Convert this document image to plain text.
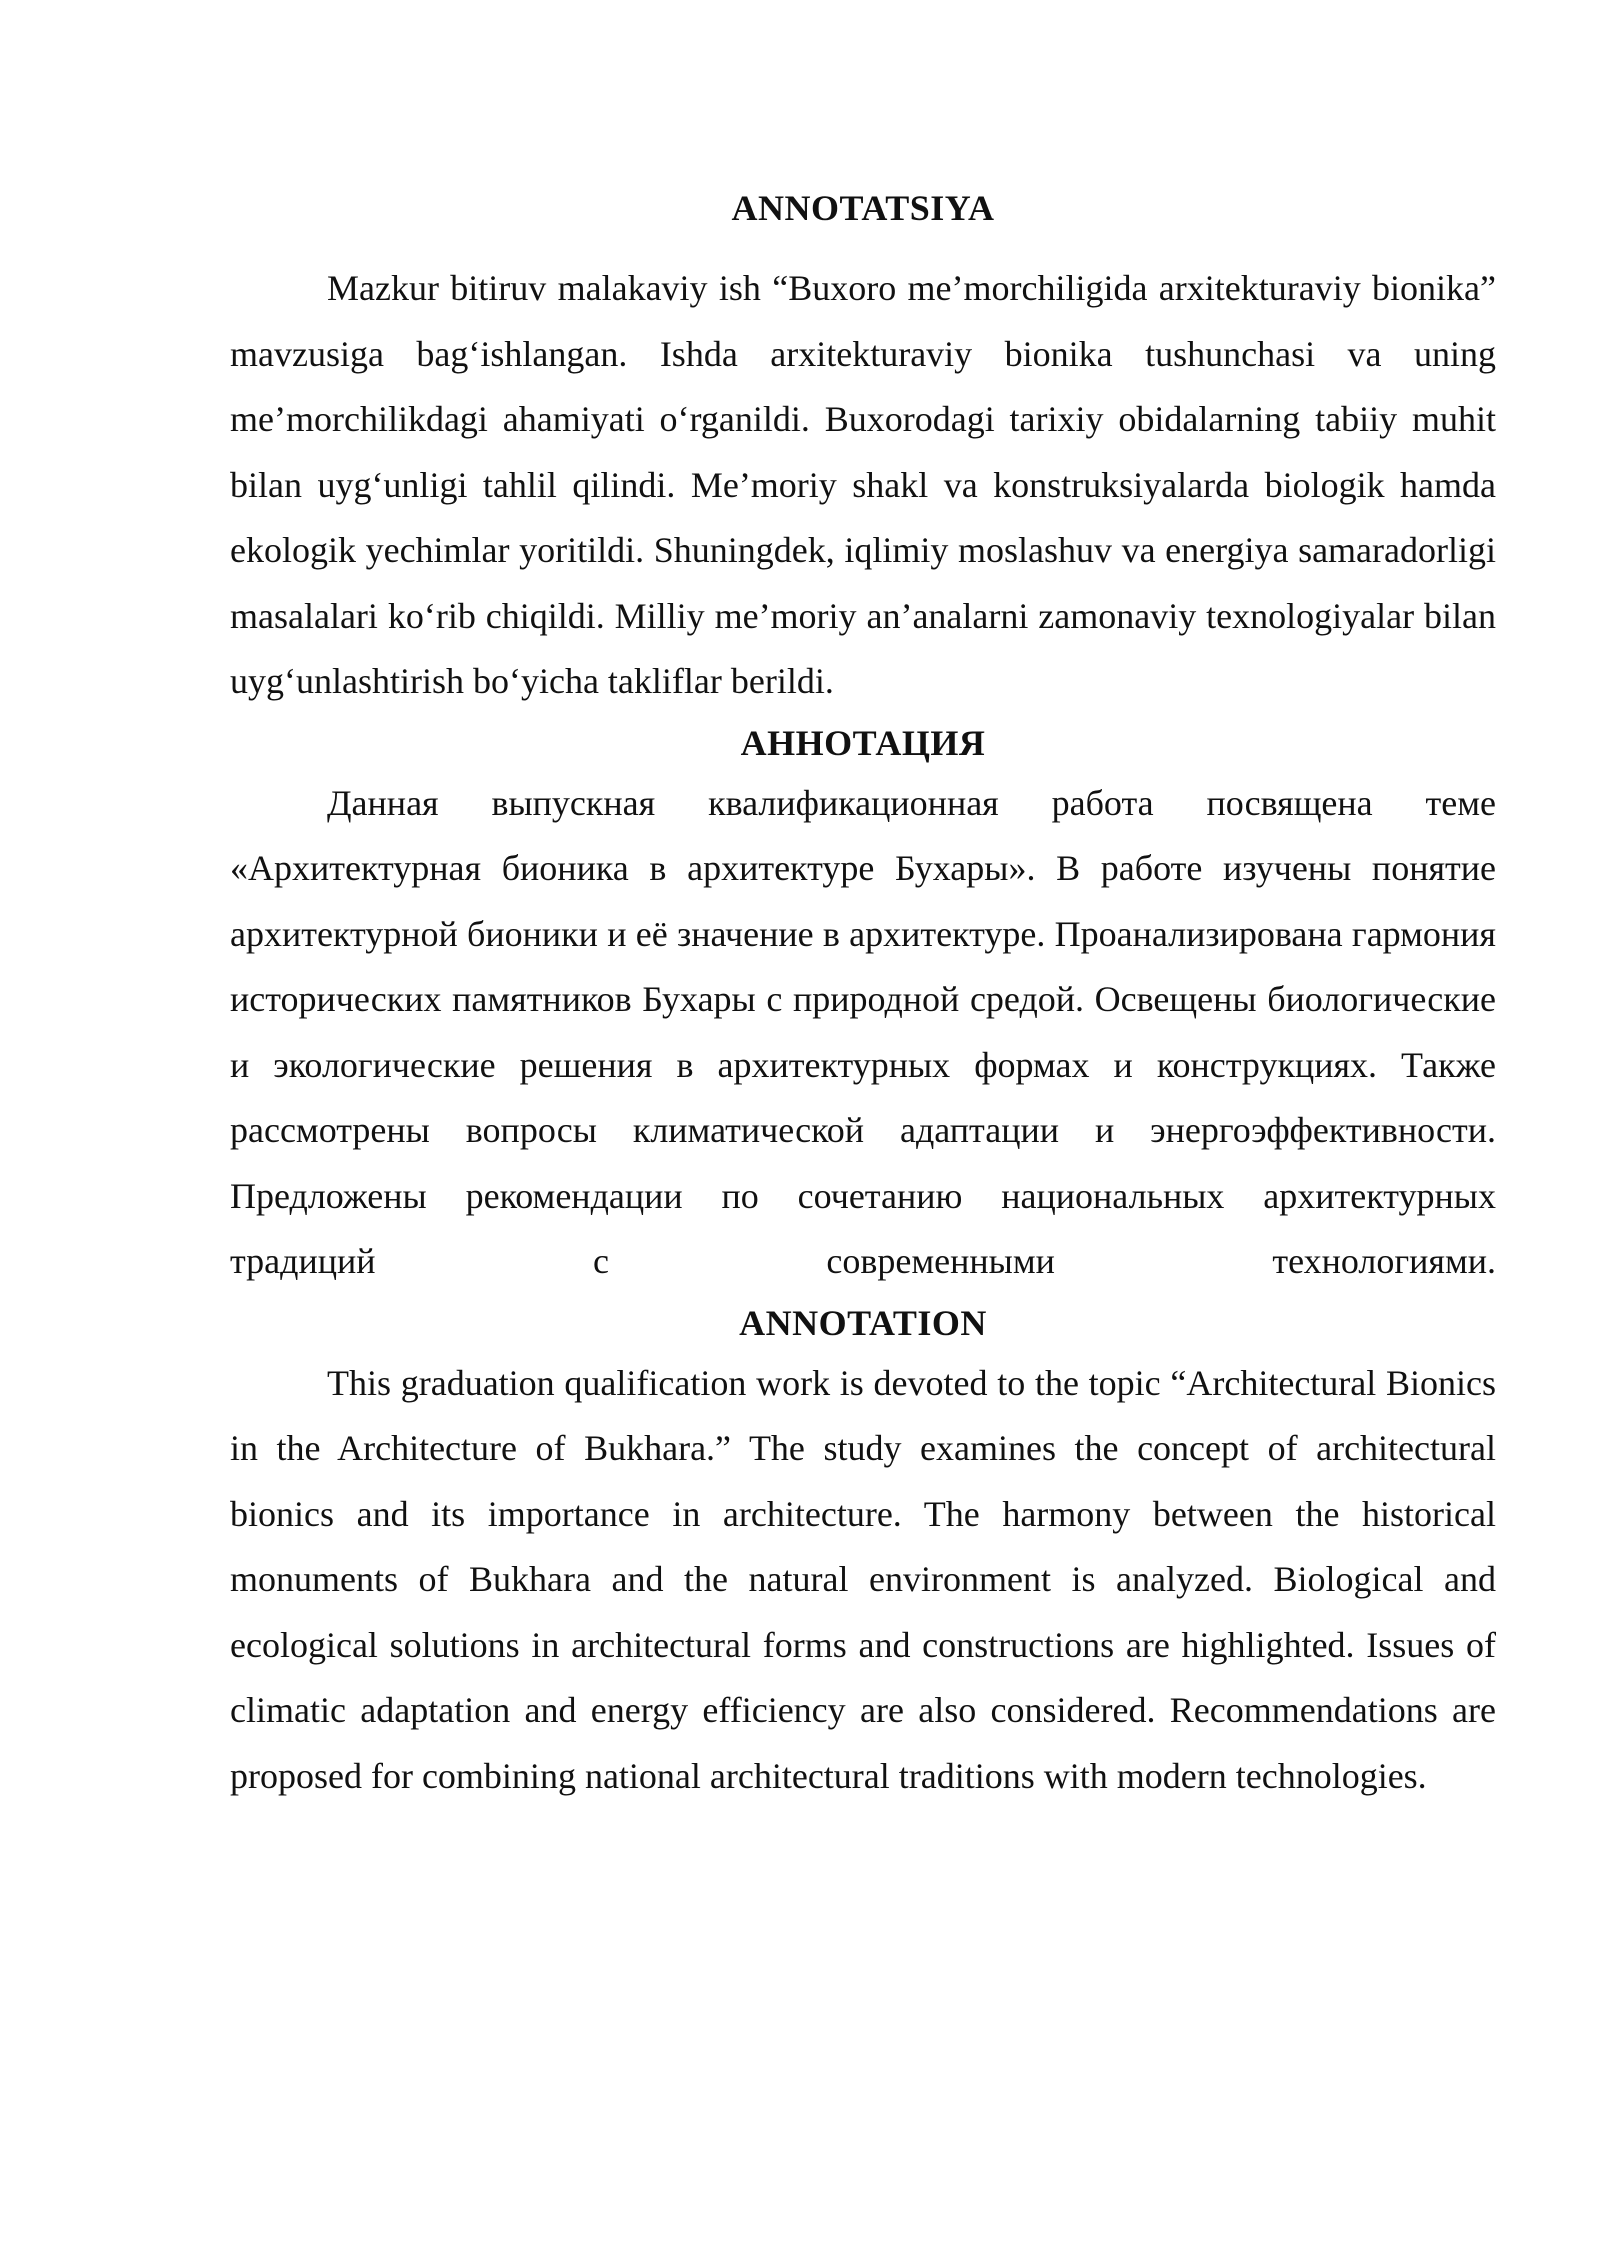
ANNOTATSIYA

Mazkur bitiruv malakaviy ish “Buxoro me’morchiligida arxitekturaviy bionika” mavzusiga bag‘ishlangan. Ishda arxitekturaviy bionika tushunchasi va uning me’morchilikdagi ahamiyati o‘rganildi. Buxorodagi tarixiy obidalarning tabiiy muhit bilan uyg‘unligi tahlil qilindi. Me’moriy shakl va konstruksiyalarda biologik hamda ekologik yechimlar yoritildi. Shuningdek, iqlimiy moslashuv va energiya samaradorligi masalalari ko‘rib chiqildi. Milliy me’moriy an’analarni zamonaviy texnologiyalar bilan uyg‘unlashtirish bo‘yicha takliflar berildi.

АННОТАЦИЯ

Данная выпускная квалификационная работа посвящена теме «Архитектурная бионика в архитектуре Бухары». В работе изучены понятие архитектурной бионики и её значение в архитектуре. Проанализирована гармония исторических памятников Бухары с природной средой. Освещены биологические и экологические решения в архитектурных формах и конструкциях. Также рассмотрены вопросы климатической адаптации и энергоэффективности. Предложены рекомендации по сочетанию национальных архитектурных традиций с современными технологиями.

ANNOTATION

This graduation qualification work is devoted to the topic “Architectural Bionics in the Architecture of Bukhara.” The study examines the concept of architectural bionics and its importance in architecture. The harmony between the historical monuments of Bukhara and the natural environment is analyzed. Biological and ecological solutions in architectural forms and constructions are highlighted. Issues of climatic adaptation and energy efficiency are also considered. Recommendations are proposed for combining national architectural traditions with modern technologies.
